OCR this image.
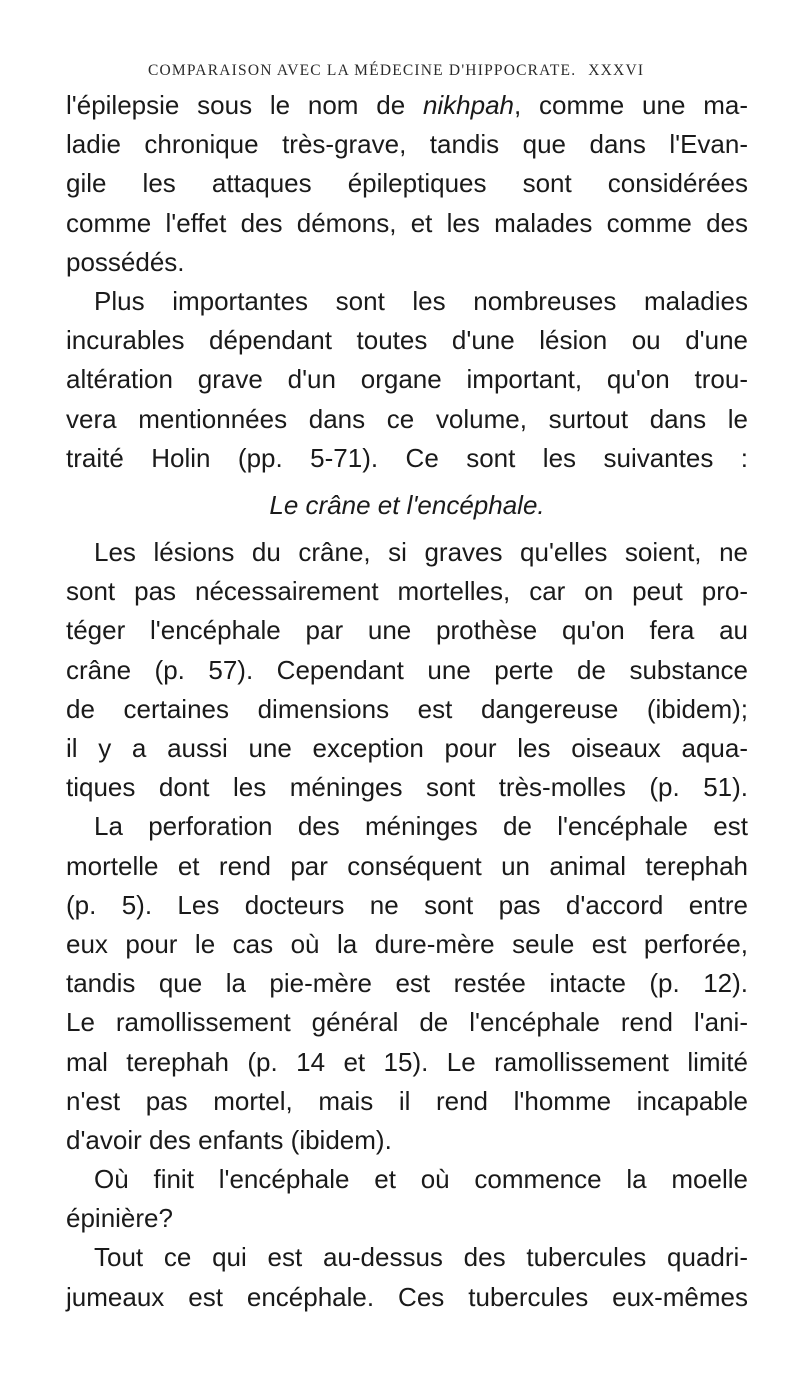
COMPARAISON AVEC LA MÉDECINE D'HIPPOCRATE. XXXVI
l'épilepsie sous le nom de nikhpah, comme une ma-
ladie chronique très-grave, tandis que dans l'Evan-
gile les attaques épileptiques sont considérées
comme l'effet des démons, et les malades comme des
possédés.
Plus importantes sont les nombreuses maladies
incurables dépendant toutes d'une lésion ou d'une
altération grave d'un organe important, qu'on trou-
vera mentionnées dans ce volume, surtout dans le
traité Holin (pp. 5-71). Ce sont les suivantes :
Le crâne et l'encéphale.
Les lésions du crâne, si graves qu'elles soient, ne
sont pas nécessairement mortelles, car on peut pro-
téger l'encéphale par une prothèse qu'on fera au
crâne (p. 57). Cependant une perte de substance
de certaines dimensions est dangereuse (ibidem);
il y a aussi une exception pour les oiseaux aqua-
tiques dont les méninges sont très-molles (p. 51).
La perforation des méninges de l'encéphale est
mortelle et rend par conséquent un animal terephah
(p. 5). Les docteurs ne sont pas d'accord entre
eux pour le cas où la dure-mère seule est perforée,
tandis que la pie-mère est restée intacte (p. 12).
Le ramollissement général de l'encéphale rend l'ani-
mal terephah (p. 14 et 15). Le ramollissement limité
n'est pas mortel, mais il rend l'homme incapable
d'avoir des enfants (ibidem).
Où finit l'encéphale et où commence la moelle
épinière?
Tout ce qui est au-dessus des tubercules quadri-
jumeaux est encéphale. Ces tubercules eux-mêmes
